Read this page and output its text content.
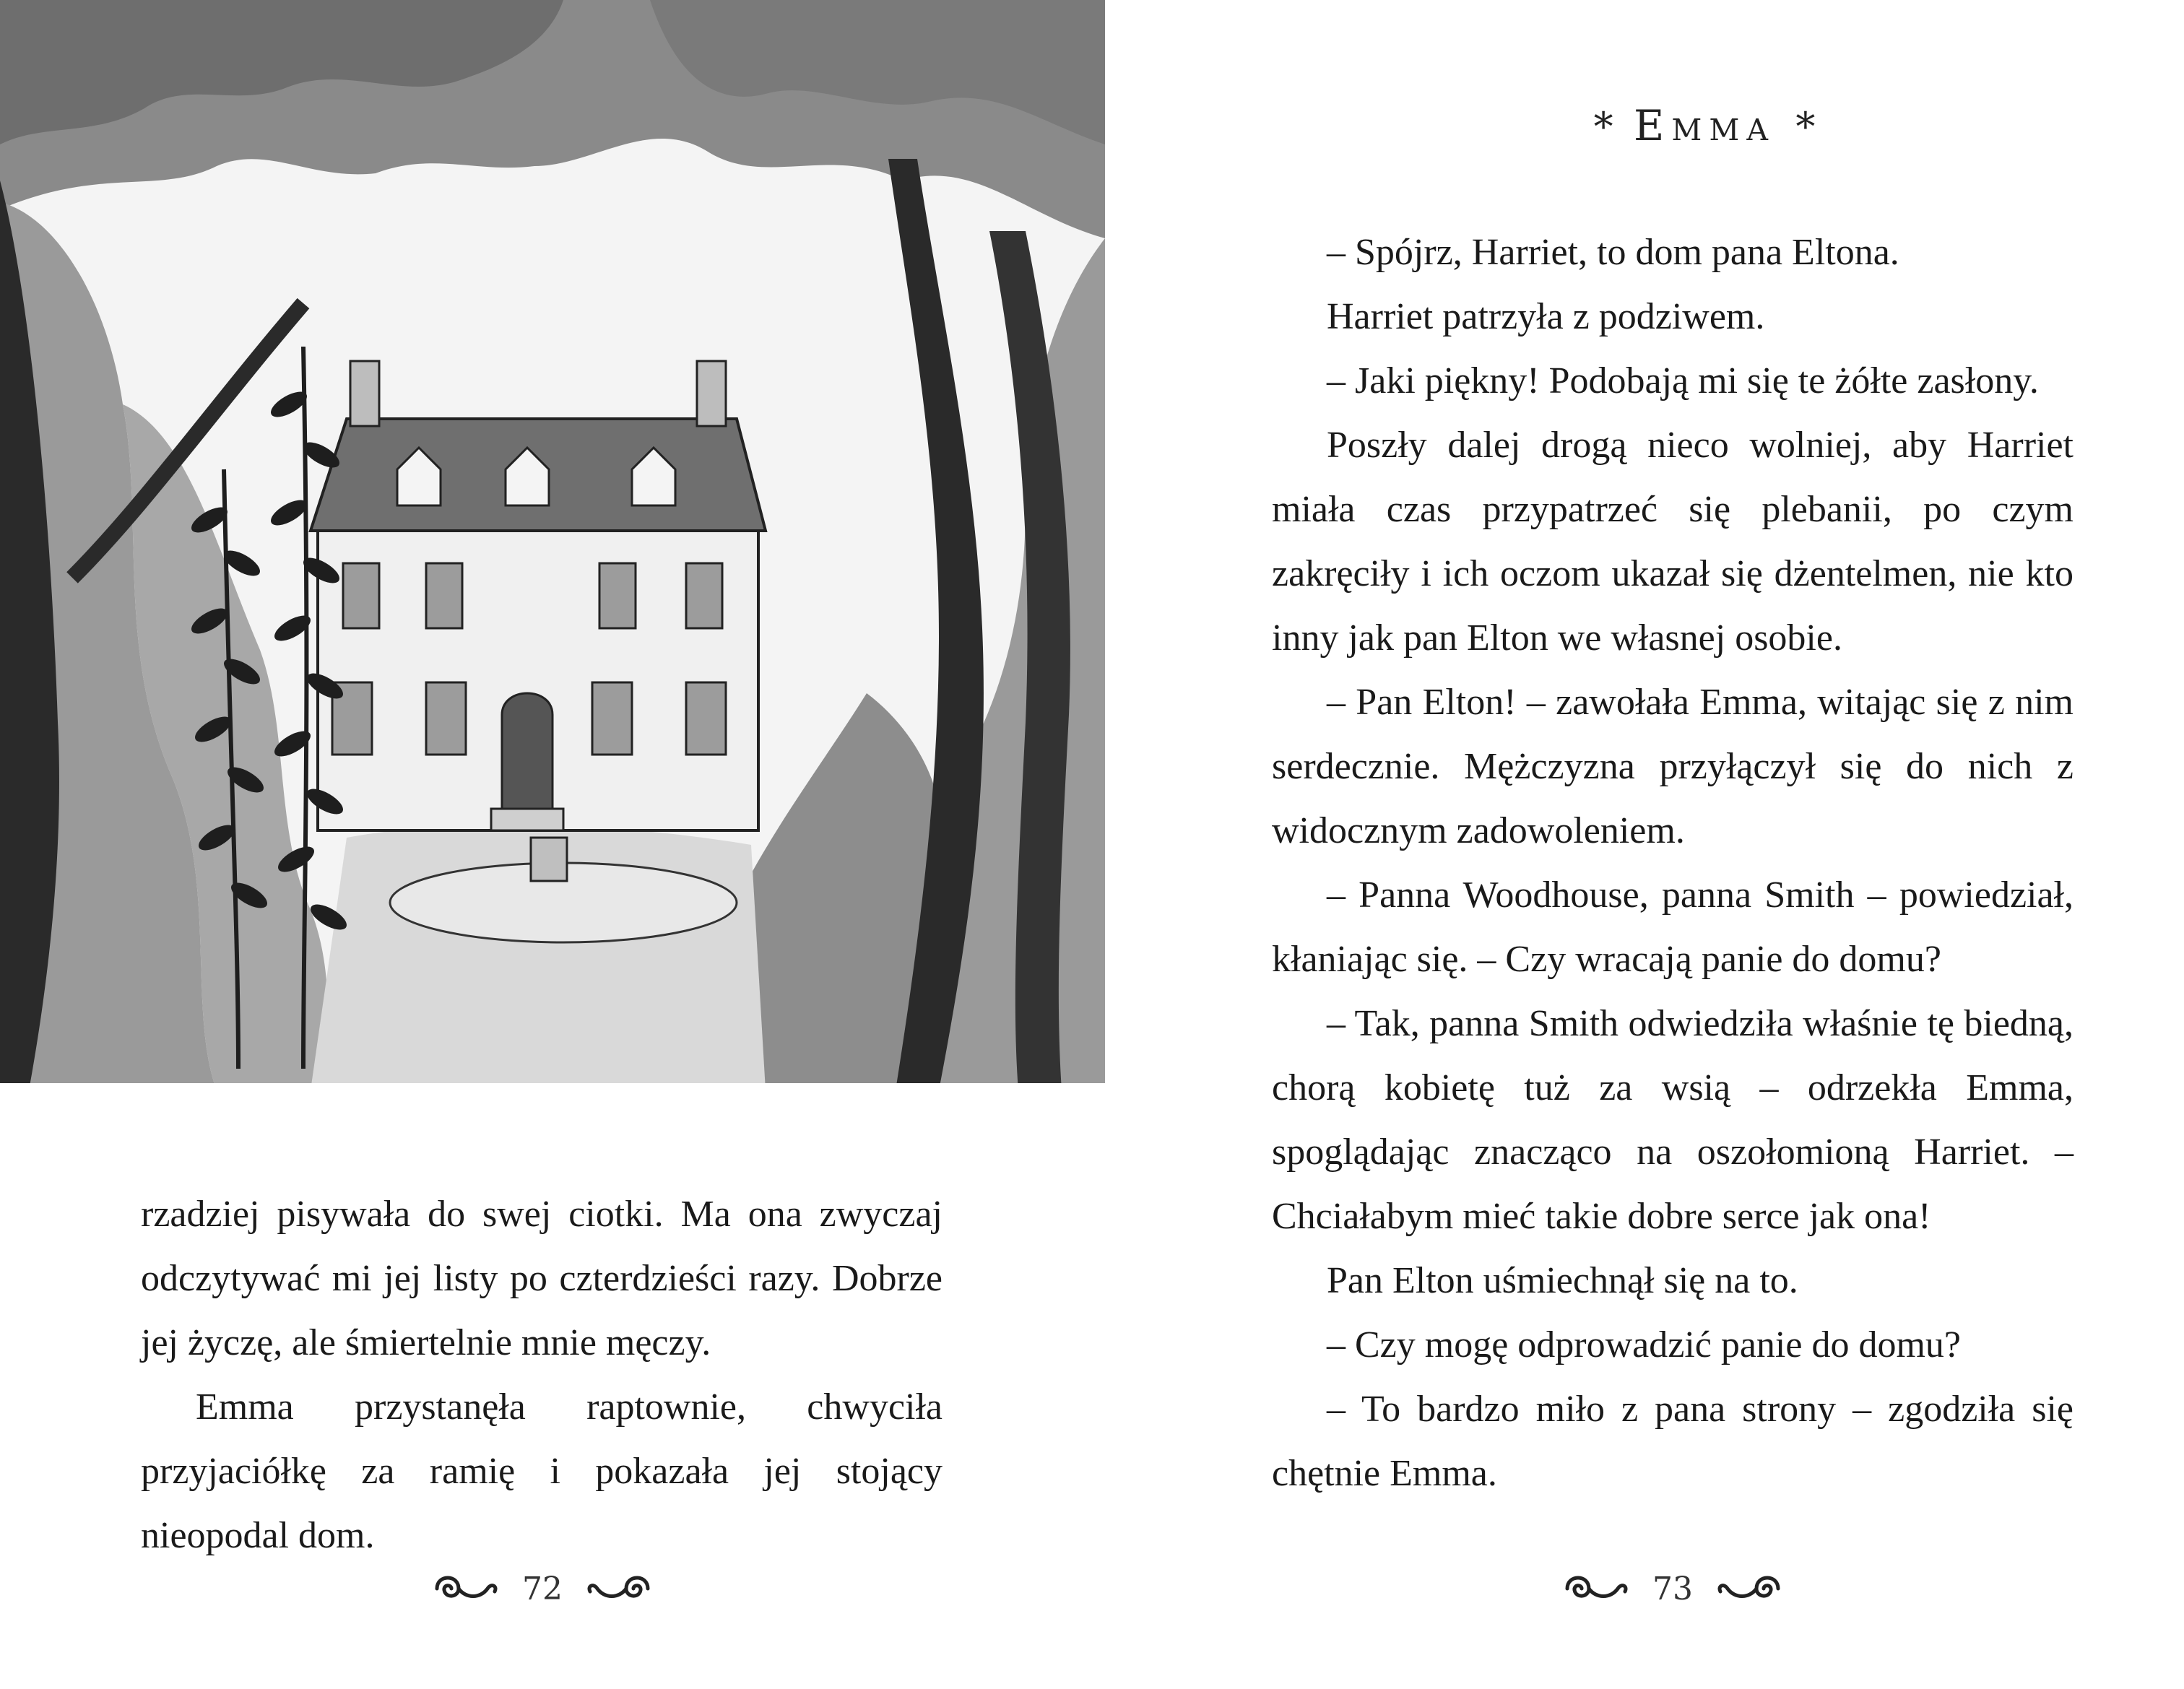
rzadziej pisywała do swej ciotki. Ma ona zwyczaj odczytywać mi jej listy po czterdzieści razy. Dobrze jej życzę, ale śmiertelnie mnie męczy.

Emma przystanęła raptownie, chwyciła przyjaciółkę za ramię i pokazała jej stojący nieopodal dom.

72
* Emma *

– Spójrz, Harriet, to dom pana Eltona.

Harriet patrzyła z podziwem.

– Jaki piękny! Podobają mi się te żółte zasłony.

Poszły dalej drogą nieco wolniej, aby Harriet miała czas przypatrzeć się plebanii, po czym zakręciły i ich oczom ukazał się dżentelmen, nie kto inny jak pan Elton we własnej osobie.

– Pan Elton! – zawołała Emma, witając się z nim serdecznie. Mężczyzna przyłączył się do nich z widocznym zadowoleniem.

– Panna Woodhouse, panna Smith – powiedział, kłaniając się. – Czy wracają panie do domu?

– Tak, panna Smith odwiedziła właśnie tę biedną, chorą kobietę tuż za wsią – odrzekła Emma, spoglądając znacząco na oszołomioną Harriet. – Chciałabym mieć takie dobre serce jak ona!

Pan Elton uśmiechnął się na to.

– Czy mogę odprowadzić panie do domu?

– To bardzo miło z pana strony – zgodziła się chętnie Emma.

73
